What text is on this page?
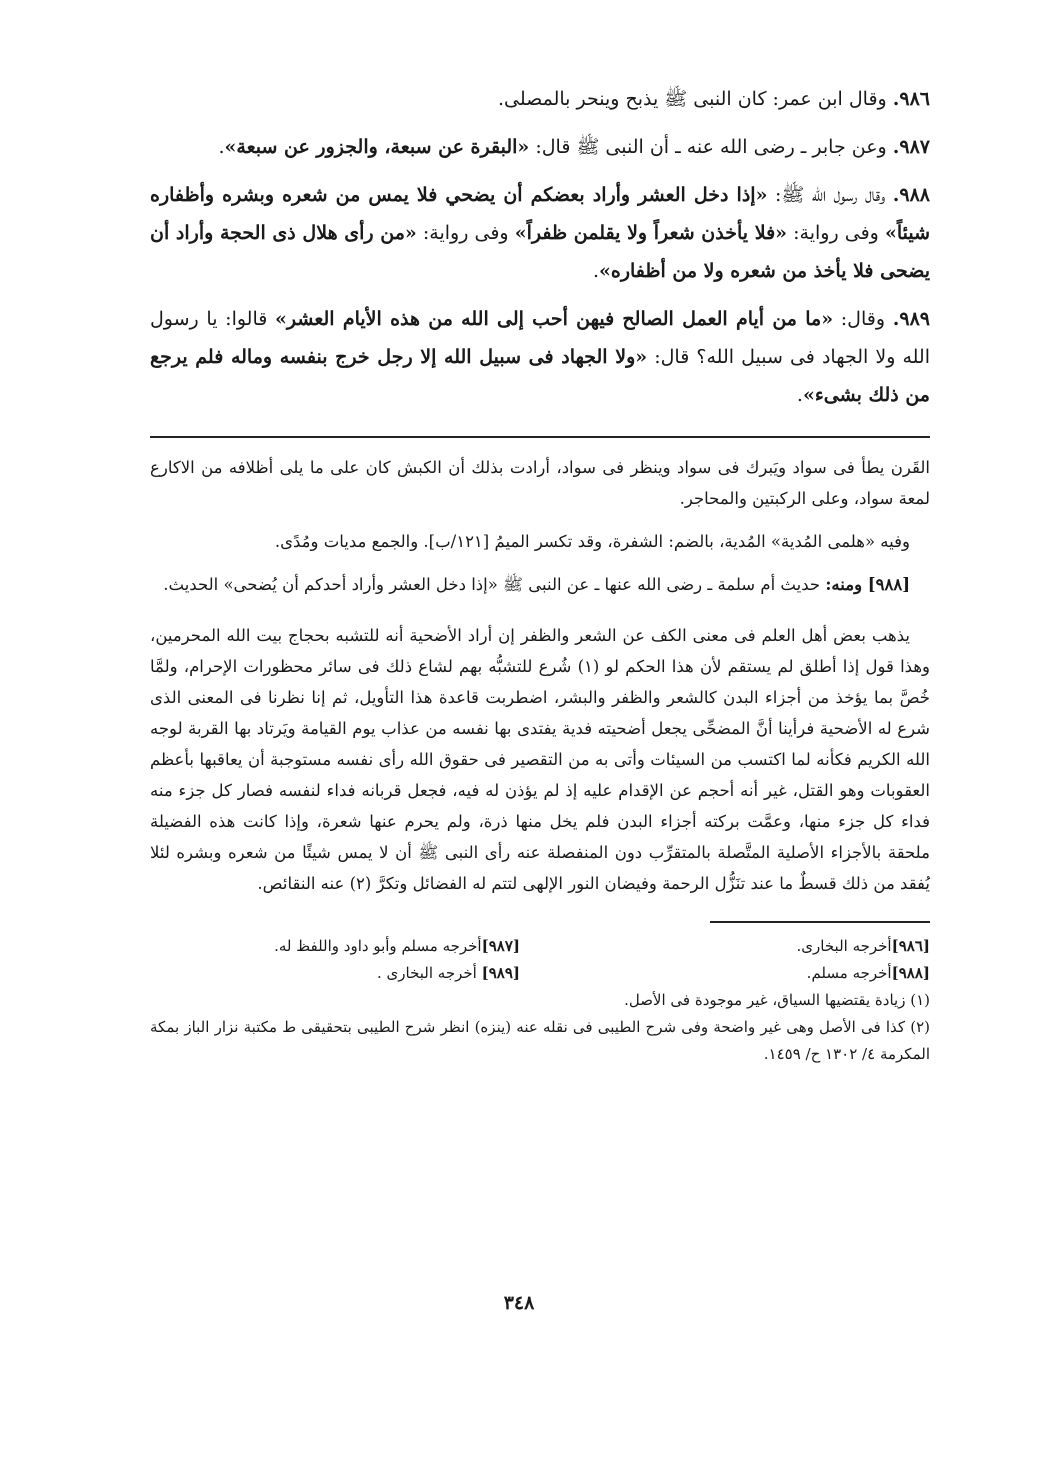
٩٨٦. وقال ابن عمر: كان النبى ﷺ يذبح وينحر بالمصلى.

٩٨٧. وعن جابر ـ رضى الله عنه ـ أن النبى ﷺ قال: «البقرة عن سبعة، والجزور عن سبعة».

٩٨٨. وقال رسول الله ﷺ: «إذا دخل العشر وأراد بعضكم أن يضحي فلا يمس من شعره وبشره وأظفاره شيئاً» وفى رواية: «فلا يأخذن شعراً ولا يقلمن ظفراً» وفى رواية: «من رأى هلال ذى الحجة وأراد أن يضحى فلا يأخذ من شعره ولا من أظفاره».

٩٨٩. وقال: «ما من أيام العمل الصالح فيهن أحب إلى الله من هذه الأيام العشر» قالوا: يا رسول الله ولا الجهاد فى سبيل الله؟ قال: «ولا الجهاد فى سبيل الله إلا رجل خرج بنفسه وماله فلم يرجع من ذلك بشىء».

القَرن يطأ فى سواد ويَبرك فى سواد وينظر فى سواد، أرادت بذلك أن الكبش كان على ما يلى أظلافه من الاكارع لمعة سواد، وعلى الركبتين والمحاجر.

وفيه «هلمى المُدية» المُدية، بالضم: الشفرة، وقد تكسر الميمُ [١٢١/ب]. والجمع مديات ومُدًى.

[٩٨٨] ومنه: حديث أم سلمة ـ رضى الله عنها ـ عن النبى ﷺ «إذا دخل العشر وأراد أحدكم أن يُضحى» الحديث.

يذهب بعض أهل العلم فى معنى الكف عن الشعر والظفر إن أراد الأضحية أنه للتشبه بحجاج بيت الله المحرمين، وهذا قول إذا أطلق لم يستقم لأن هذا الحكم لو (١) شُرع للتشبُّه بهم لشاع ذلك فى سائر محظورات الإحرام، ولمَّا خُصَّ بما يؤخذ من أجزاء البدن كالشعر والظفر والبشر، اضطربت قاعدة هذا التأويل، ثم إنا نظرنا فى المعنى الذى شرع له الأضحية فرأينا أنَّ المضحِّى يجعل أضحيته فدية يفتدى بها نفسه من عذاب يوم القيامة ويَرتاد بها القربة لوجه الله الكريم فكأنه لما اكتسب من السيئات وأتى به من التقصير فى حقوق الله رأى نفسه مستوجبة أن يعاقبها بأعظم العقوبات وهو القتل، غير أنه أحجم عن الإقدام عليه إذ لم يؤذن له فيه، فجعل قربانه فداء لنفسه فصار كل جزء منه فداء كل جزء منها، وعمَّت بركته أجزاء البدن فلم يخل منها ذرة، ولم يحرم عنها شعرة، وإذا كانت هذه الفضيلة ملحقة بالأجزاء الأصلية المتَّصلة بالمتقرِّب دون المنفصلة عنه رأى النبى ﷺ أن لا يمس شيئًا من شعره وبشره لئلا يُفقد من ذلك قسطٌ ما عند تنَزُّل الرحمة وفيضان النور الإلهى لتتم له الفضائل وتكرَّ (٢) عنه النقائص.

[٩٨٦]أخرجه البخارى.
[٩٨٧]أخرجه مسلم وأبو داود واللفظ له.
[٩٨٨]أخرجه مسلم.
[٩٨٩] أخرجه البخارى .

(١) زيادة يقتضيها السياق، غير موجودة فى الأصل.

(٢) كذا فى الأصل وهى غير واضحة وفى شرح الطيبى فى نقله عنه (ينزه) انظر شرح الطيبى بتحقيقى ط مكتبة نزار الباز بمكة المكرمة ٤/ ١٣٠٢ ح/ ١٤٥٩.

٣٤٨
